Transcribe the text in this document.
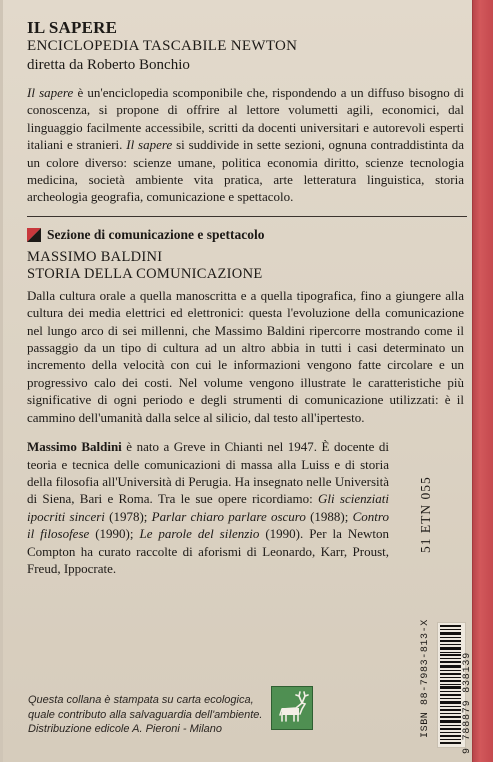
IL SAPERE
ENCICLOPEDIA TASCABILE NEWTON
diretta da Roberto Bonchio
Il sapere è un'enciclopedia scomponibile che, rispondendo a un diffuso bisogno di conoscenza, si propone di offrire al lettore volumetti agili, economici, dal linguaggio facilmente accessibile, scritti da docenti universitari e autorevoli esperti italiani e stranieri. Il sapere si suddivide in sette sezioni, ognuna contraddistinta da un colore diverso: scienze umane, politica economia diritto, scienze tecnologia medicina, società ambiente vita pratica, arte letteratura linguistica, storia archeologia geografia, comunicazione e spettacolo.
Sezione di comunicazione e spettacolo
MASSIMO BALDINI
STORIA DELLA COMUNICAZIONE
Dalla cultura orale a quella manoscritta e a quella tipografica, fino a giungere alla cultura dei media elettrici ed elettronici: questa l'evoluzione della comunicazione nel lungo arco di sei millenni, che Massimo Baldini ripercorre mostrando come il passaggio da un tipo di cultura ad un altro abbia in tutti i casi determinato un incremento della velocità con cui le informazioni vengono fatte circolare e un progressivo calo dei costi. Nel volume vengono illustrate le caratteristiche più significative di ogni periodo e degli strumenti di comunicazione utilizzati: è il cammino dell'umanità dalla selce al silicio, dal testo all'ipertesto.
Massimo Baldini è nato a Greve in Chianti nel 1947. È docente di teoria e tecnica delle comunicazioni di massa alla Luiss e di storia della filosofia all'Università di Perugia. Ha insegnato nelle Università di Siena, Bari e Roma. Tra le sue opere ricordiamo: Gli scienziati ipocriti sinceri (1978); Parlar chiaro parlare oscuro (1988); Contro il filosofese (1990); Le parole del silenzio (1990). Per la Newton Compton ha curato raccolte di aforismi di Leonardo, Karr, Proust, Freud, Ippocrate.
51 ETN 055
ISBN 88-7983-813-X	9 788879 838139
Questa collana è stampata su carta ecologica,
quale contributo alla salvaguardia dell'ambiente.
Distribuzione edicole A. Pieroni - Milano
